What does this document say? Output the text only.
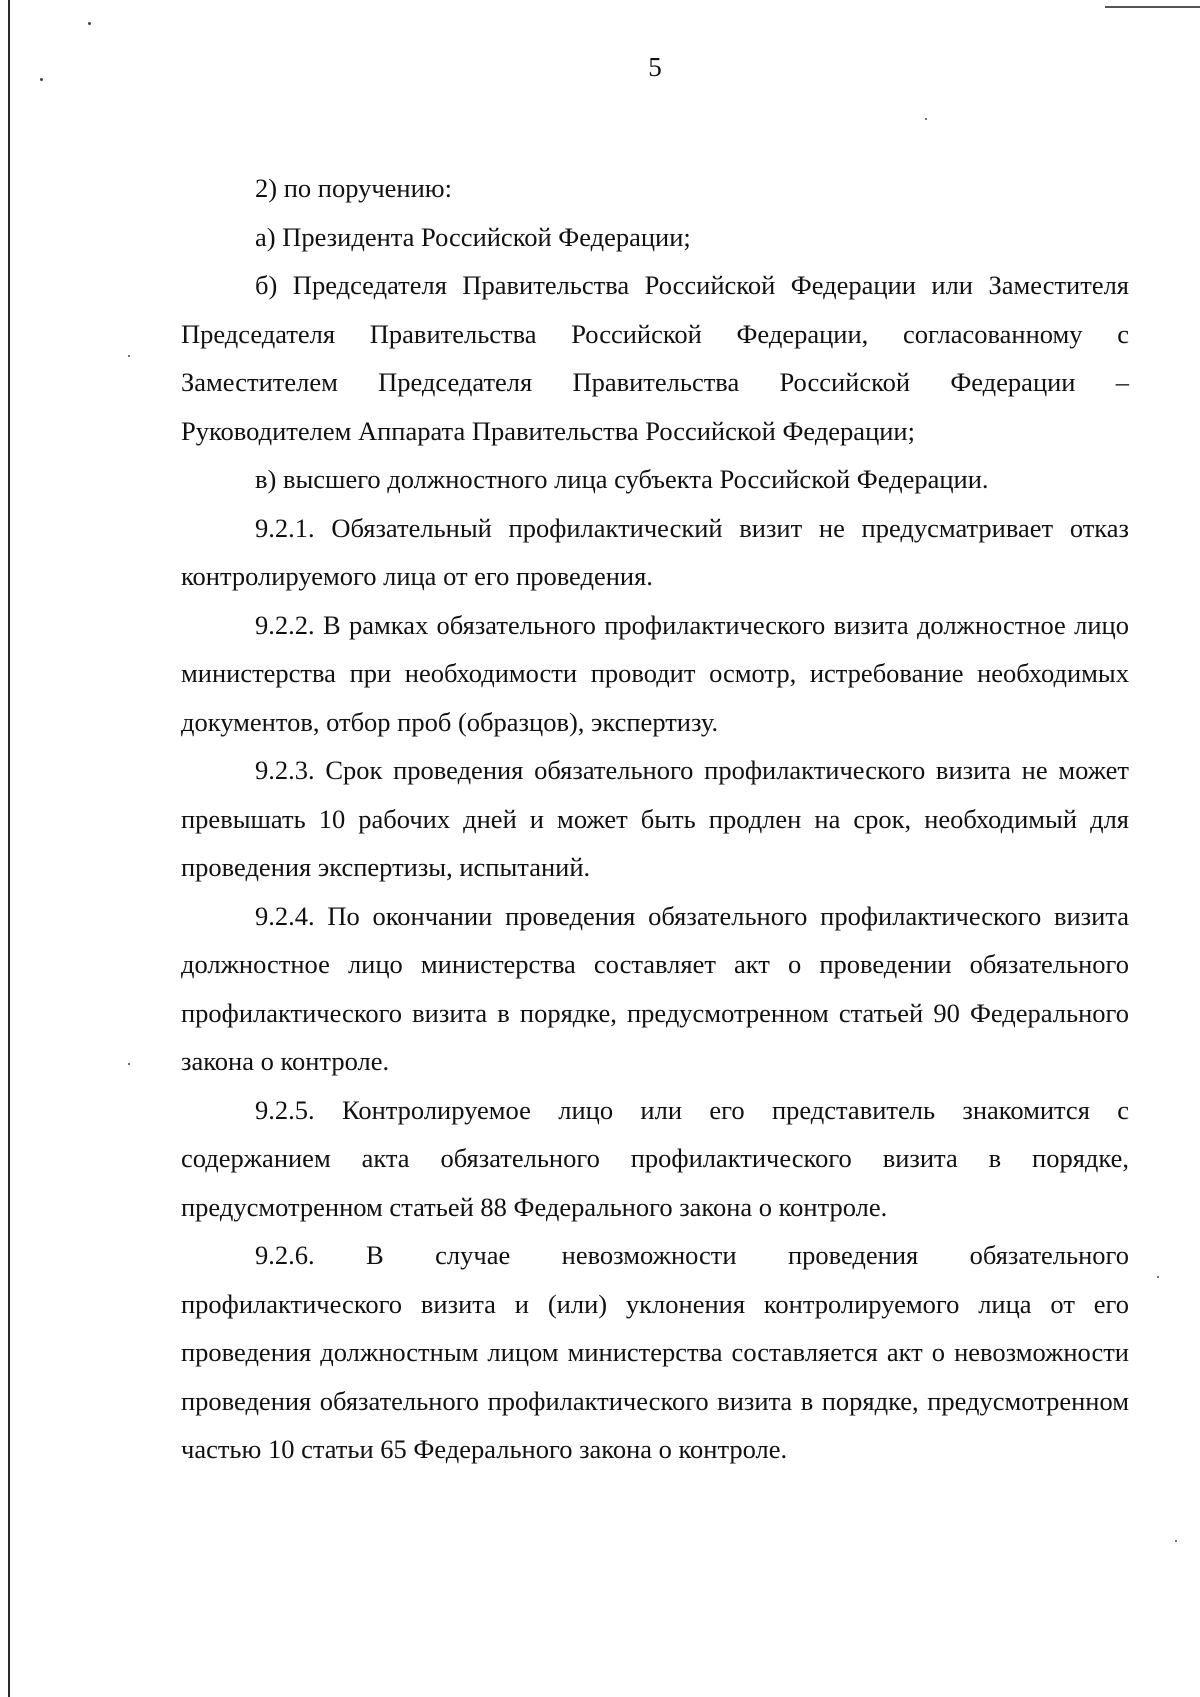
5

2) по поручению:

а) Президента Российской Федерации;

б) Председателя Правительства Российской Федерации или Заместителя Председателя Правительства Российской Федерации, согласованному с Заместителем Председателя Правительства Российской Федерации – Руководителем Аппарата Правительства Российской Федерации;

в) высшего должностного лица субъекта Российской Федерации.

9.2.1. Обязательный профилактический визит не предусматривает отказ контролируемого лица от его проведения.

9.2.2. В рамках обязательного профилактического визита должностное лицо министерства при необходимости проводит осмотр, истребование необходимых документов, отбор проб (образцов), экспертизу.

9.2.3. Срок проведения обязательного профилактического визита не может превышать 10 рабочих дней и может быть продлен на срок, необходимый для проведения экспертизы, испытаний.

9.2.4. По окончании проведения обязательного профилактического визита должностное лицо министерства составляет акт о проведении обязательного профилактического визита в порядке, предусмотренном статьей 90 Федерального закона о контроле.

9.2.5. Контролируемое лицо или его представитель знакомится с содержанием акта обязательного профилактического визита в порядке, предусмотренном статьей 88 Федерального закона о контроле.

9.2.6. В случае невозможности проведения обязательного профилактического визита и (или) уклонения контролируемого лица от его проведения должностным лицом министерства составляется акт о невозможности проведения обязательного профилактического визита в порядке, предусмотренном частью 10 статьи 65 Федерального закона о контроле.
